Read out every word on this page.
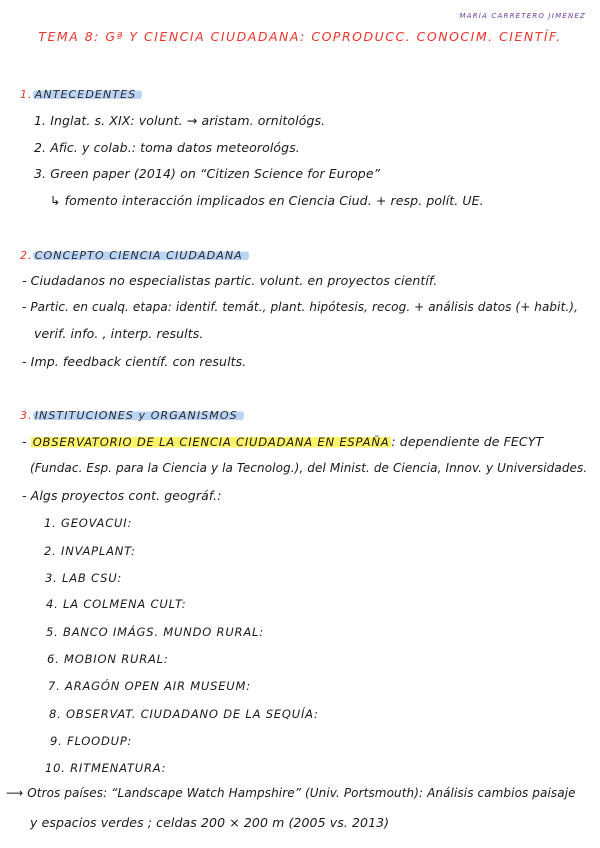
MARÍA CARRETERO JIMÉNEZ
TEMA 8: Gª Y CIENCIA CIUDADANA: COPRODUCC. CONOCIM. CIENTÍF.
1. ANTECEDENTES
1. Inglat. s. XIX: volunt. → aristam. ornitológs.
2. Afic. y colab.: toma datos meteorológs.
3. Green paper (2014) on “Citizen Science for Europe”
↳ fomento interacción implicados en Ciencia Ciud. + resp. polít. UE.
2. CONCEPTO CIENCIA CIUDADANA
- Ciudadanos no especialistas partic. volunt. en proyectos científ.
- Partic. en cualq. etapa: identif. temát., plant. hipótesis, recog. + análisis datos (+ habit.),
verif. info. , interp. results.
- Imp. feedback científ. con results.
3. INSTITUCIONES y ORGANISMOS
- OBSERVATORIO DE LA CIENCIA CIUDADANA EN ESPAÑA : dependiente de FECYT
(Fundac. Esp. para la Ciencia y la Tecnolog.), del Minist. de Ciencia, Innov. y Universidades.
- Algs proyectos cont. geográf.:
1. GEOVACUI:
2. INVAPLANT:
3. LAB CSU:
4. LA COLMENA CULT:
5. BANCO IMÁGS. MUNDO RURAL:
6. MOBION RURAL:
7. ARAGÓN OPEN AIR MUSEUM:
8. OBSERVAT. CIUDADANO DE LA SEQUÍA:
9. FLOODUP:
10. RITMENATURA:
⟶ Otros países: “Landscape Watch Hampshire” (Univ. Portsmouth): Análisis cambios paisaje
y espacios verdes ; celdas 200 × 200 m (2005 vs. 2013)
